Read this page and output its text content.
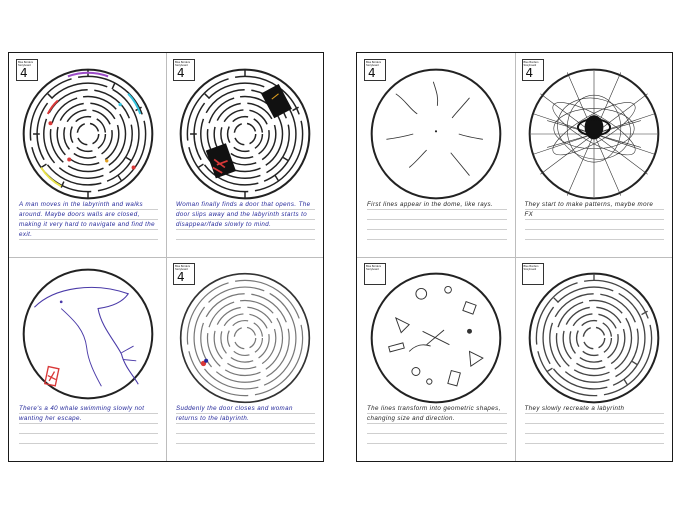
Blue Borders Storyboard
4
A man moves in the labyrinth and walks around. Maybe doors walls are closed, making it very hard to navigate and find the exit.
Blue Borders Storyboard
4
Woman finally finds a door that opens. The door slips away and the labyrinth starts to disappear/fade slowly to mind.
There's a 40 whale swimming slowly not wanting her escape.
Blue Borders Storyboard
4
Suddenly the door closes and woman returns to the labyrinth.
Blue Borders Storyboard
4
First lines appear in the dome, like rays.
Blue Borders Storyboard
4
They start to make patterns, maybe more FX
Blue Borders Storyboard
The lines transform into geometric shapes, changing size and direction.
Blue Borders Storyboard
They slowly recreate a labyrinth
